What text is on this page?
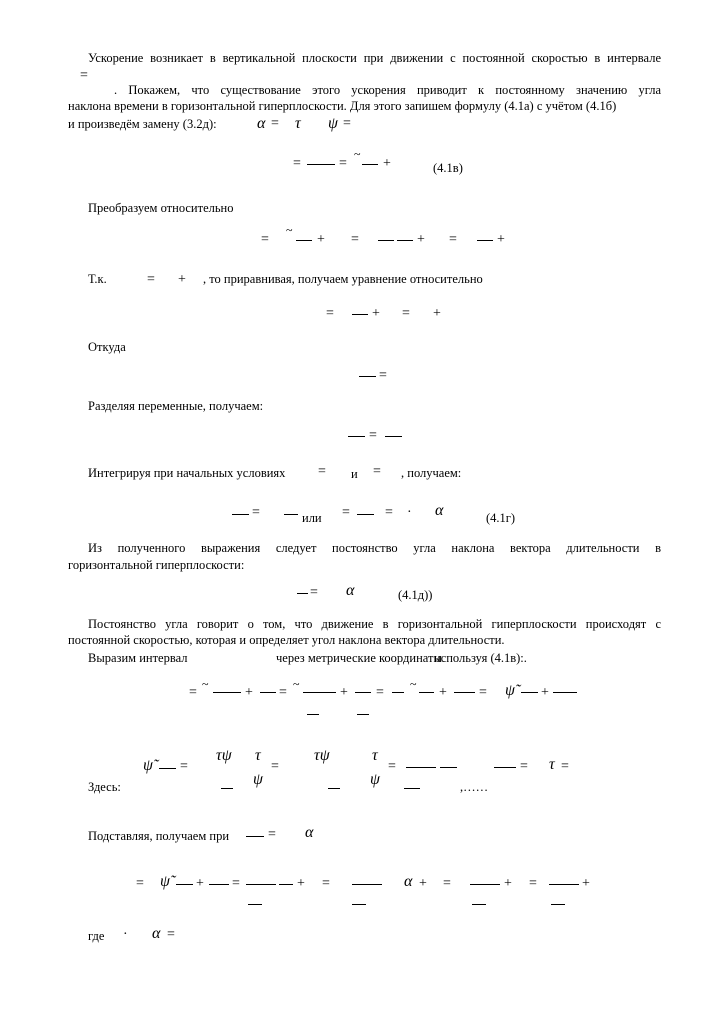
Ускорение возникает в вертикальной плоскости при движении с постоянной скоростью в интервале
=
. Покажем, что существование этого ускорения приводит к постоянному значению угла
наклона времени в горизонтальной гиперплоскости. Для этого запишем формулу (4.1а) с учётом (4.1б)
и произведём замену (3.2д):	α = τ ψ =
=	=
~
+	(4.1в)
Преобразуем относительно
=
~
+ =	+ =	+
Т.к.	= + , то приравнивая, получаем уравнение относительно
=	+ = +
Откуда
=
Разделяя переменные, получаем:
=
Интегрируя при начальных условиях = и = , получаем:
=	или =	= · α	(4.1г)
Из полученного выражения следует постоянство угла наклона вектора длительности в
горизонтальной гиперплоскости:
= α	(4.1д))
Постоянство угла говорит о том, что движение в горизонтальной гиперплоскости происходят с
постоянной скоростью, которая и определяет угол наклона вектора длительности.
Выразим интервал	через метрические координаты
используя (4.1в):.
=
~
+ =
~
+ =
~
+ = ψ̃ +
Здесь:
ψ̃ =
τψ τ
ψ
=
τψ	τ
ψ
=
,……
= τ =
Подставляя, получаем при	= α
= ψ̃ + =	+ =	α + =	+ =	+
где · α =
